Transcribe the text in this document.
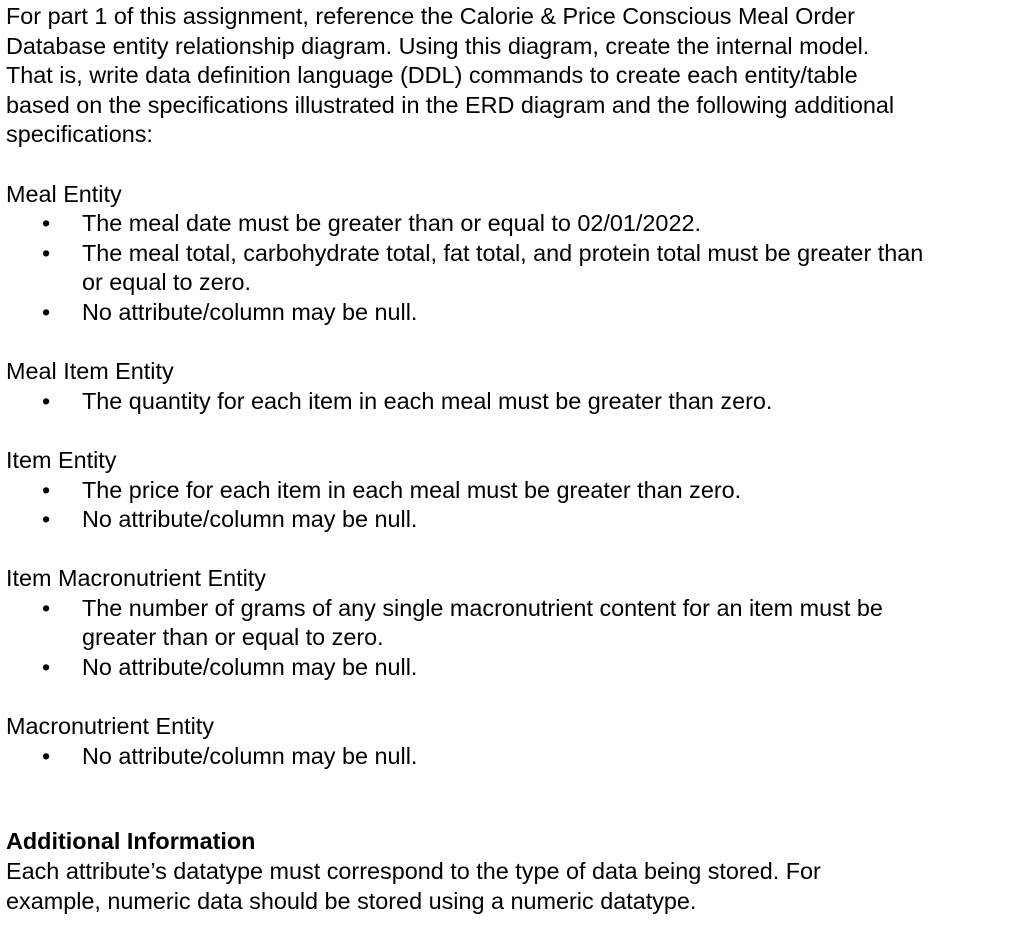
For part 1 of this assignment, reference the Calorie & Price Conscious Meal Order
Database entity relationship diagram. Using this diagram, create the internal model.
That is, write data definition language (DDL) commands to create each entity/table
based on the specifications illustrated in the ERD diagram and the following additional
specifications:

Meal Entity

• The meal date must be greater than or equal to 02/01/2022.
• The meal total, carbohydrate total, fat total, and protein total must be greater than
or equal to zero.
• No attribute/column may be null.

Meal Item Entity

• The quantity for each item in each meal must be greater than zero.

Item Entity

• The price for each item in each meal must be greater than zero.
• No attribute/column may be null.

Item Macronutrient Entity

• The number of grams of any single macronutrient content for an item must be
greater than or equal to zero.
• No attribute/column may be null.

Macronutrient Entity

• No attribute/column may be null.

Additional Information

Each attribute’s datatype must correspond to the type of data being stored. For
example, numeric data should be stored using a numeric datatype.
